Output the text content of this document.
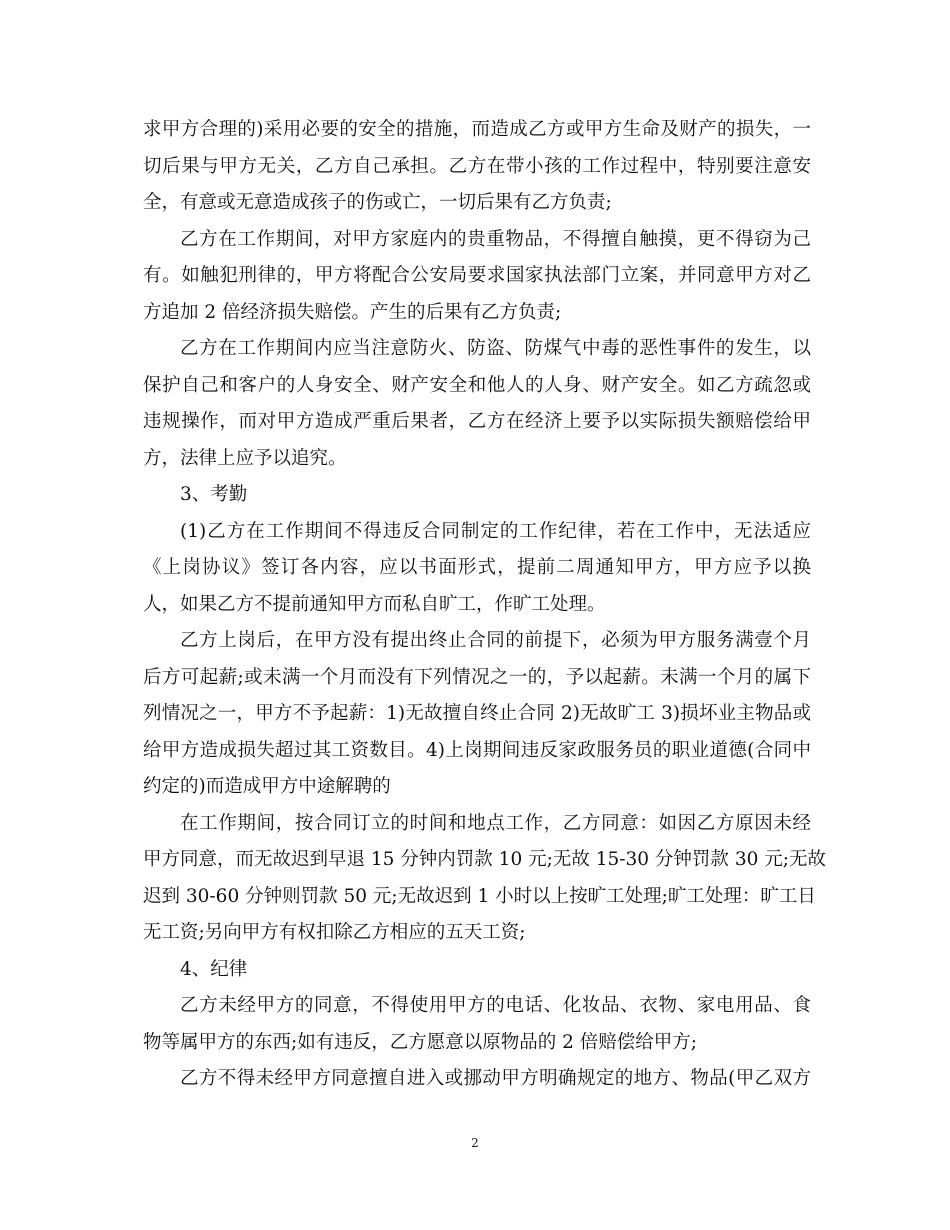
求甲方合理的)采用必要的安全的措施，而造成乙方或甲方生命及财产的损失，一
切后果与甲方无关，乙方自己承担。乙方在带小孩的工作过程中，特别要注意安
全，有意或无意造成孩子的伤或亡，一切后果有乙方负责;
乙方在工作期间，对甲方家庭内的贵重物品，不得擅自触摸，更不得窃为己
有。如触犯刑律的，甲方将配合公安局要求国家执法部门立案，并同意甲方对乙
方追加 2 倍经济损失赔偿。产生的后果有乙方负责;
乙方在工作期间内应当注意防火、防盗、防煤气中毒的恶性事件的发生，以
保护自己和客户的人身安全、财产安全和他人的人身、财产安全。如乙方疏忽或
违规操作，而对甲方造成严重后果者，乙方在经济上要予以实际损失额赔偿给甲
方，法律上应予以追究。
3、考勤
(1)乙方在工作期间不得违反合同制定的工作纪律，若在工作中，无法适应
《上岗协议》签订各内容，应以书面形式，提前二周通知甲方，甲方应予以换
人，如果乙方不提前通知甲方而私自旷工，作旷工处理。
乙方上岗后，在甲方没有提出终止合同的前提下，必须为甲方服务满壹个月
后方可起薪;或未满一个月而没有下列情况之一的，予以起薪。未满一个月的属下
列情况之一，甲方不予起薪：1)无故擅自终止合同 2)无故旷工 3)损坏业主物品或
给甲方造成损失超过其工资数目。4)上岗期间违反家政服务员的职业道德(合同中
约定的)而造成甲方中途解聘的
在工作期间，按合同订立的时间和地点工作，乙方同意：如因乙方原因未经
甲方同意，而无故迟到早退 15 分钟内罚款 10 元;无故 15-30 分钟罚款 30 元;无故
迟到 30-60 分钟则罚款 50 元;无故迟到 1 小时以上按旷工处理;旷工处理：旷工日
无工资;另向甲方有权扣除乙方相应的五天工资;
4、纪律
乙方未经甲方的同意，不得使用甲方的电话、化妆品、衣物、家电用品、食
物等属甲方的东西;如有违反，乙方愿意以原物品的 2 倍赔偿给甲方;
乙方不得未经甲方同意擅自进入或挪动甲方明确规定的地方、物品(甲乙双方
2
